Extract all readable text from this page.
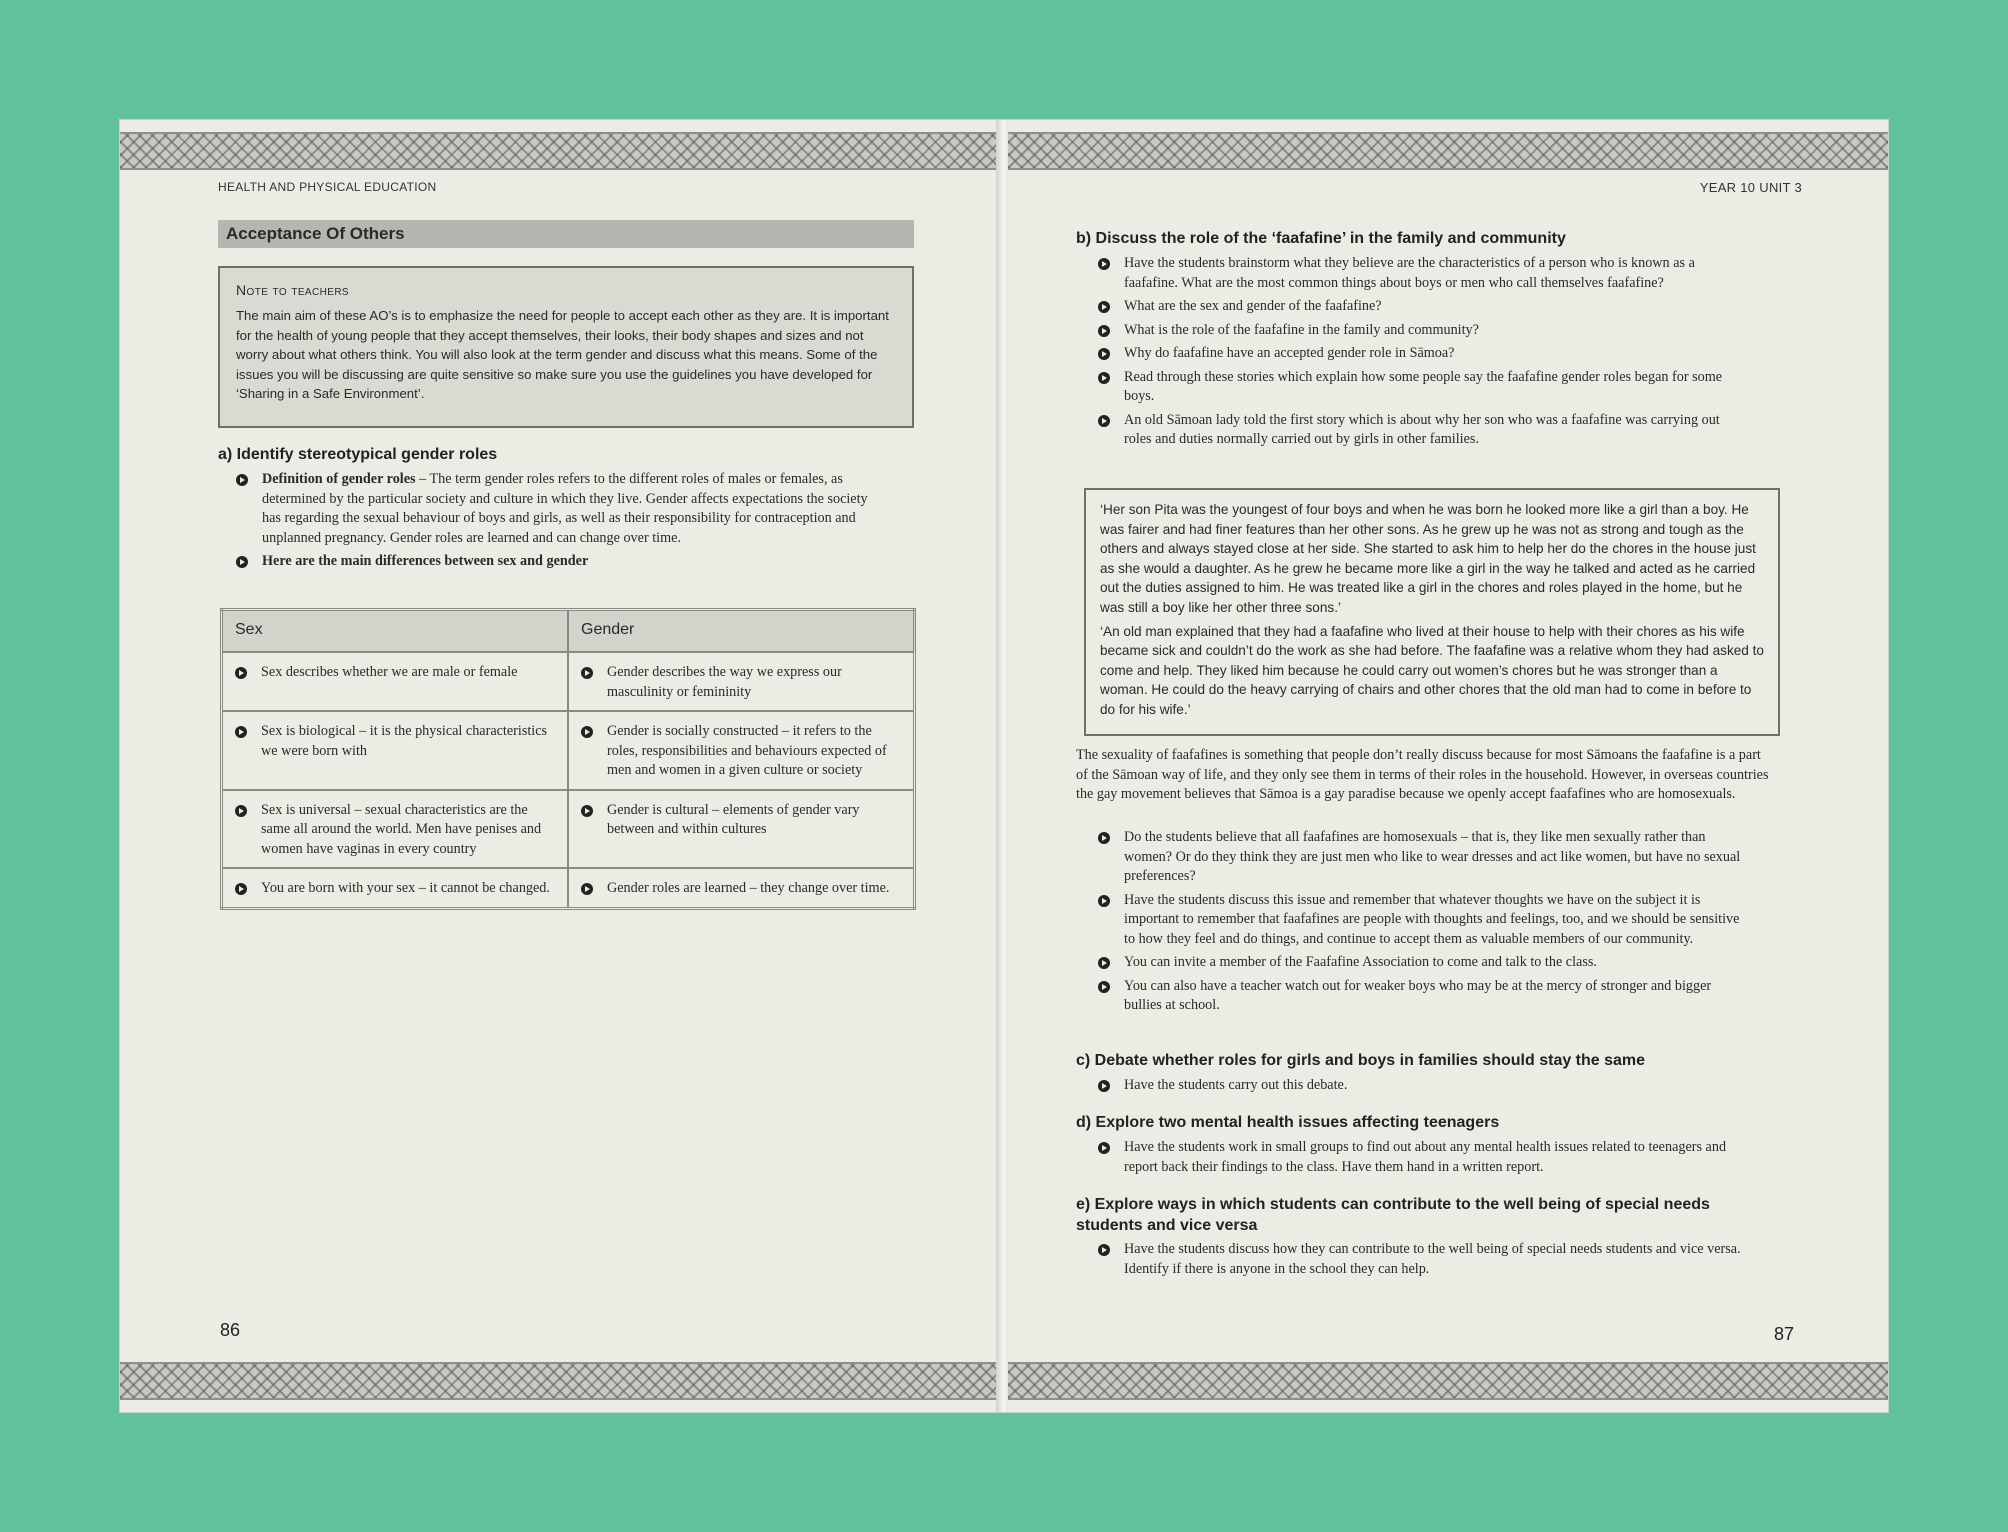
HEALTH AND PHYSICAL EDUCATION
Acceptance Of Others
Note to teachers

The main aim of these AO’s is to emphasize the need for people to accept each other as they are. It is important for the health of young people that they accept themselves, their looks, their body shapes and sizes and not worry about what others think. You will also look at the term gender and discuss what this means. Some of the issues you will be discussing are quite sensitive so make sure you use the guidelines you have developed for ‘Sharing in a Safe Environment’.

a) Identify stereotypical gender roles
Definition of gender roles – The term gender roles refers to the different roles of males or females, as determined by the particular society and culture in which they live. Gender affects expectations the society has regarding the sexual behaviour of boys and girls, as well as their responsibility for contraception and unplanned pregnancy. Gender roles are learned and can change over time.
Here are the main differences between sex and gender
Sex	Gender

Sex describes whether we are male or female	Gender describes the way we express our masculinity or femininity

Sex is biological – it is the physical characteristics we were born with	Gender is socially constructed – it refers to the roles, responsibilities and behaviours expected of men and women in a given culture or society

Sex is universal – sexual characteristics are the same all around the world. Men have penises and women have vaginas in every country	Gender is cultural – elements of gender vary between and within cultures

You are born with your sex – it cannot be changed.	Gender roles are learned – they change over time.
86
YEAR 10 UNIT 3
b) Discuss the role of the ‘faafafine’ in the family and community
Have the students brainstorm what they believe are the characteristics of a person who is known as a faafafine. What are the most common things about boys or men who call themselves faafafine?
What are the sex and gender of the faafafine?
What is the role of the faafafine in the family and community?
Why do faafafine have an accepted gender role in Sāmoa?
Read through these stories which explain how some people say the faafafine gender roles began for some boys.
An old Sāmoan lady told the first story which is about why her son who was a faafafine was carrying out roles and duties normally carried out by girls in other families.

‘Her son Pita was the youngest of four boys and when he was born he looked more like a girl than a boy. He was fairer and had finer features than her other sons. As he grew up he was not as strong and tough as the others and always stayed close at her side. She started to ask him to help her do the chores in the house just as she would a daughter. As he grew he became more like a girl in the way he talked and acted as he carried out the duties assigned to him. He was treated like a girl in the chores and roles played in the home, but he was still a boy like her other three sons.’

‘An old man explained that they had a faafafine who lived at their house to help with their chores as his wife became sick and couldn’t do the work as she had before. The faafafine was a relative whom they had asked to come and help. They liked him because he could carry out women’s chores but he was stronger than a woman. He could do the heavy carrying of chairs and other chores that the old man had to come in before to do for his wife.’

The sexuality of faafafines is something that people don’t really discuss because for most Sāmoans the faafafine is a part of the Sāmoan way of life, and they only see them in terms of their roles in the household. However, in overseas countries the gay movement believes that Sāmoa is a gay paradise because we openly accept faafafines who are homosexuals.

Do the students believe that all faafafines are homosexuals – that is, they like men sexually rather than women? Or do they think they are just men who like to wear dresses and act like women, but have no sexual preferences?
Have the students discuss this issue and remember that whatever thoughts we have on the subject it is important to remember that faafafines are people with thoughts and feelings, too, and we should be sensitive to how they feel and do things, and continue to accept them as valuable members of our community.
You can invite a member of the Faafafine Association to come and talk to the class.
You can also have a teacher watch out for weaker boys who may be at the mercy of stronger and bigger bullies at school.
c) Debate whether roles for girls and boys in families should stay the same
Have the students carry out this debate.
d) Explore two mental health issues affecting teenagers
Have the students work in small groups to find out about any mental health issues related to teenagers and report back their findings to the class. Have them hand in a written report.
e) Explore ways in which students can contribute to the well being of special needs students and vice versa
Have the students discuss how they can contribute to the well being of special needs students and vice versa. Identify if there is anyone in the school they can help.
87
